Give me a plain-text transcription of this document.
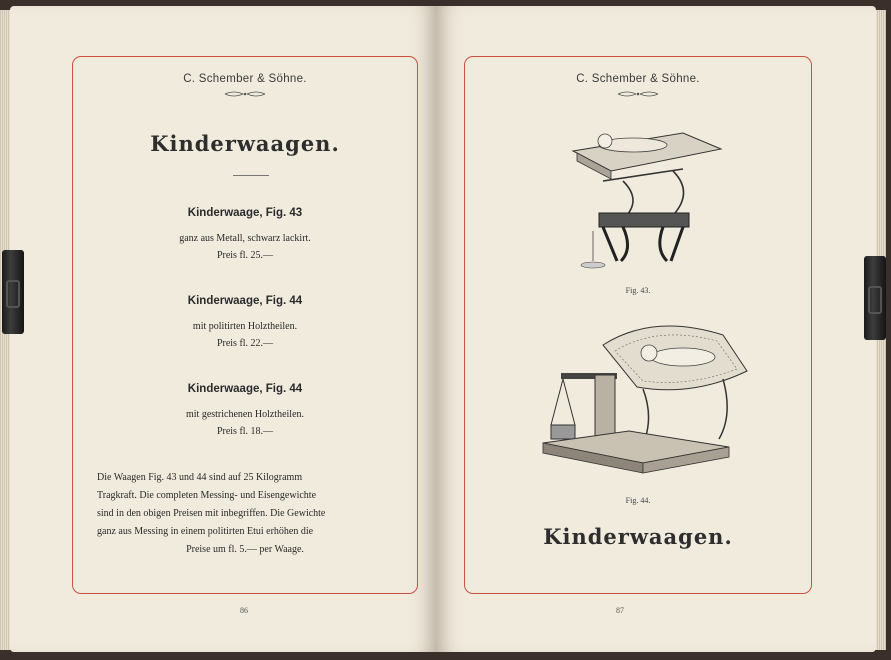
C. Schember & Söhne.
Kinderwaagen.
Kinderwaage, Fig. 43
ganz aus Metall, schwarz lackirt.
Preis fl. 25.—
Kinderwaage, Fig. 44
mit politirten Holztheilen.
Preis fl. 22.—
Kinderwaage, Fig. 44
mit gestrichenen Holztheilen.
Preis fl. 18.—
Die Waagen Fig. 43 und 44 sind auf 25 Kilogramm
Tragkraft. Die completen Messing- und Eisengewichte
sind in den obigen Preisen mit inbegriffen. Die Gewichte
ganz aus Messing in einem politirten Etui erhöhen die
Preise um fl. 5.— per Waage.
86
C. Schember & Söhne.
Fig. 43.
Fig. 44.
Kinderwaagen.
87
